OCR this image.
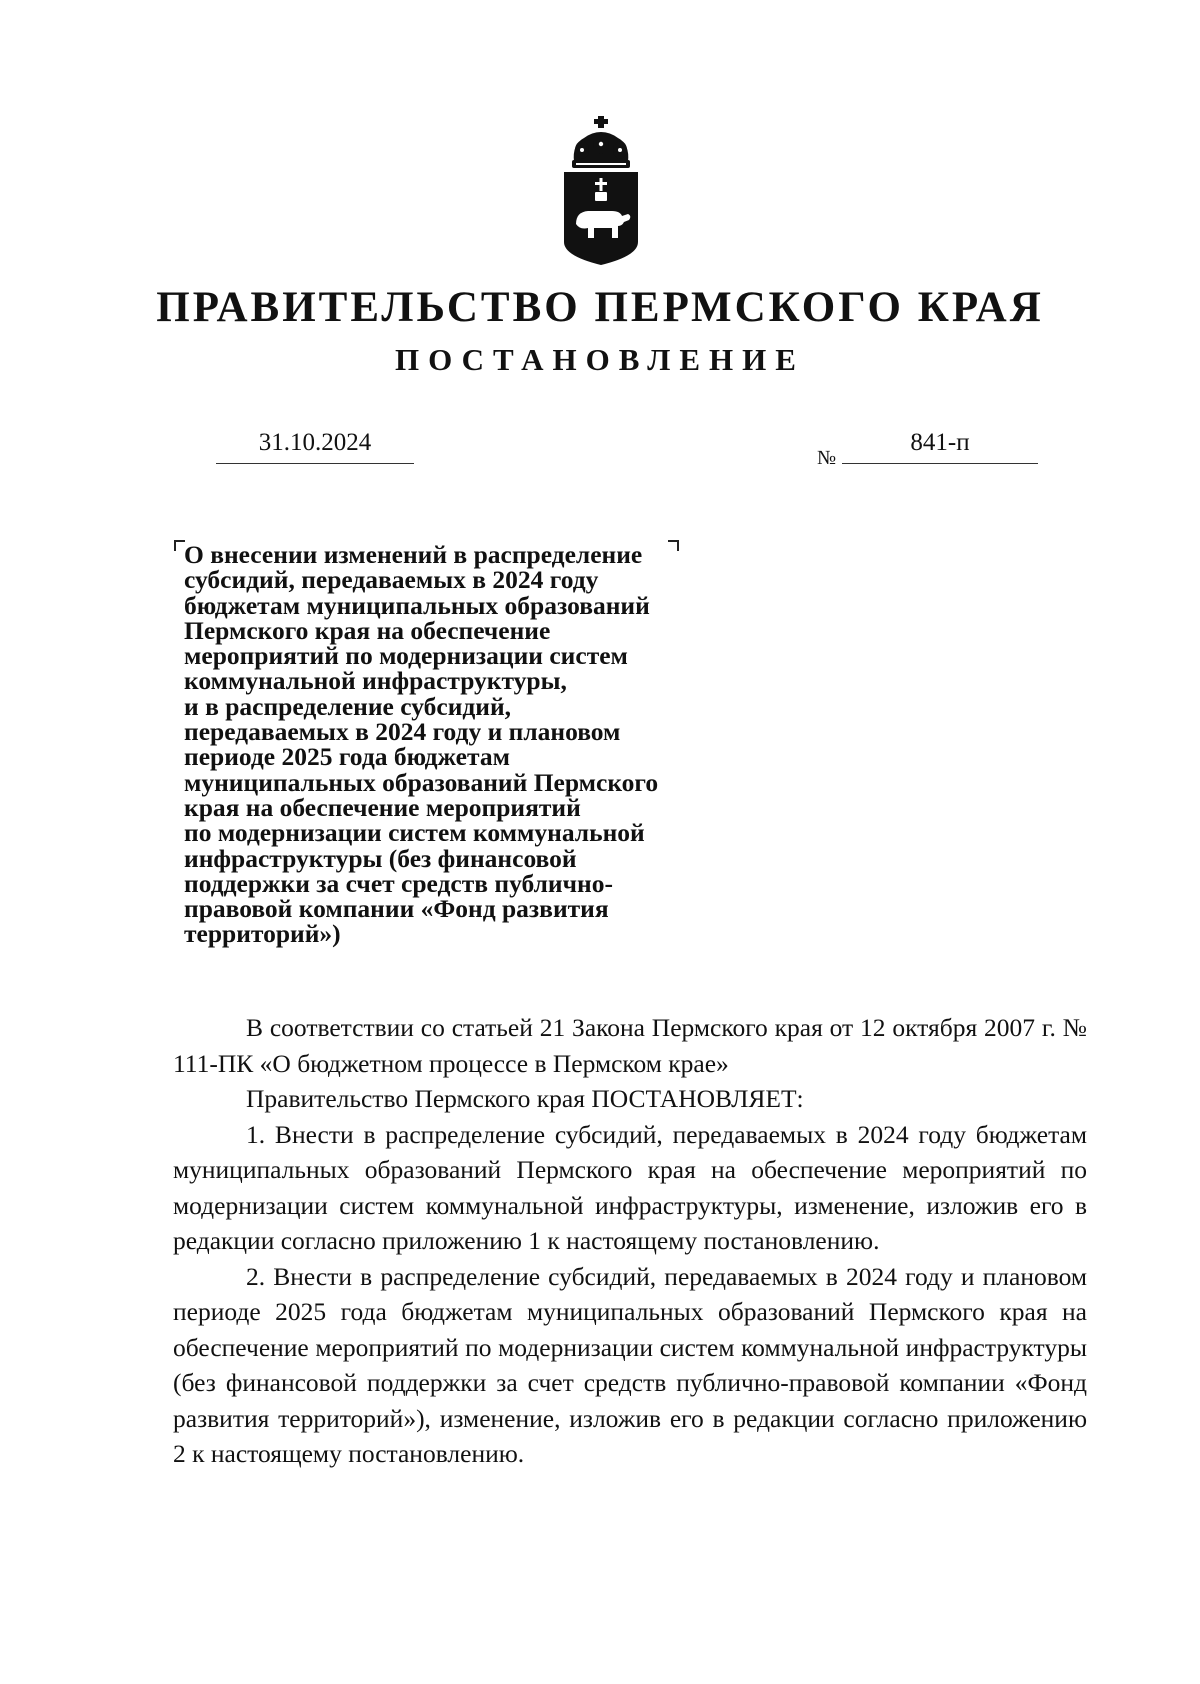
ПРАВИТЕЛЬСТВО ПЕРМСКОГО КРАЯ
ПОСТАНОВЛЕНИЕ
31.10.2024
№
841-п
О внесении изменений в распределение
субсидий, передаваемых в 2024 году
бюджетам муниципальных образований
Пермского края на обеспечение
мероприятий по модернизации систем
коммунальной инфраструктуры,
и в распределение субсидий,
передаваемых в 2024 году и плановом
периоде 2025 года бюджетам
муниципальных образований Пермского
края на обеспечение мероприятий
по модернизации систем коммунальной
инфраструктуры (без финансовой
поддержки за счет средств публично-
правовой компании «Фонд развития
территорий»)

В соответствии со статьей 21 Закона Пермского края от 12 октября 2007 г. № 111-ПК «О бюджетном процессе в Пермском крае»

Правительство Пермского края ПОСТАНОВЛЯЕТ:

1. Внести в распределение субсидий, передаваемых в 2024 году бюджетам муниципальных образований Пермского края на обеспечение мероприятий по модернизации систем коммунальной инфраструктуры, изменение, изложив его в редакции согласно приложению 1 к настоящему постановлению.

2. Внести в распределение субсидий, передаваемых в 2024 году и плановом периоде 2025 года бюджетам муниципальных образований Пермского края на обеспечение мероприятий по модернизации систем коммунальной инфраструктуры (без финансовой поддержки за счет средств публично-правовой компании «Фонд развития территорий»), изменение, изложив его в редакции согласно приложению 2 к настоящему постановлению.
